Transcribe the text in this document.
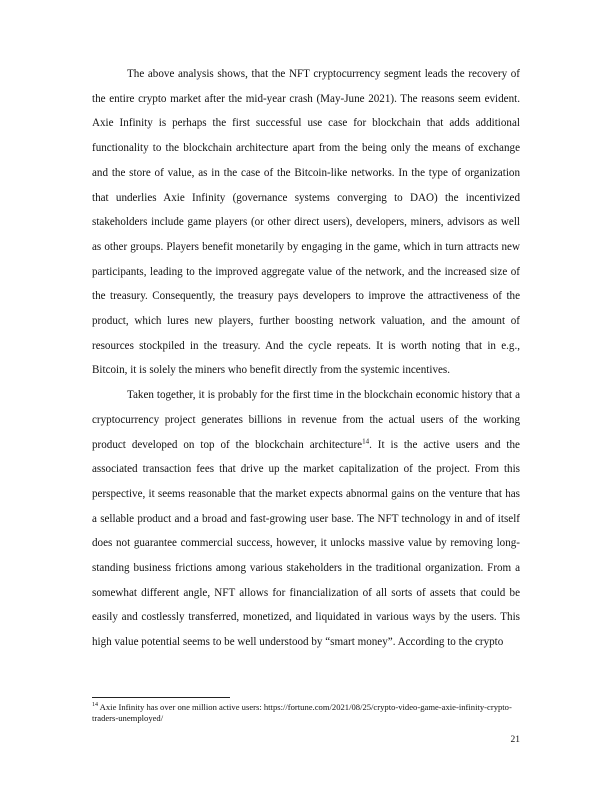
The above analysis shows, that the NFT cryptocurrency segment leads the recovery of the entire crypto market after the mid-year crash (May-June 2021). The reasons seem evident. Axie Infinity is perhaps the first successful use case for blockchain that adds additional functionality to the blockchain architecture apart from the being only the means of exchange and the store of value, as in the case of the Bitcoin-like networks. In the type of organization that underlies Axie Infinity (governance systems converging to DAO) the incentivized stakeholders include game players (or other direct users), developers, miners, advisors as well as other groups. Players benefit monetarily by engaging in the game, which in turn attracts new participants, leading to the improved aggregate value of the network, and the increased size of the treasury. Consequently, the treasury pays developers to improve the attractiveness of the product, which lures new players, further boosting network valuation, and the amount of resources stockpiled in the treasury. And the cycle repeats. It is worth noting that in e.g., Bitcoin, it is solely the miners who benefit directly from the systemic incentives.

Taken together, it is probably for the first time in the blockchain economic history that a cryptocurrency project generates billions in revenue from the actual users of the working product developed on top of the blockchain architecture$^{14}$. It is the active users and the associated transaction fees that drive up the market capitalization of the project. From this perspective, it seems reasonable that the market expects abnormal gains on the venture that has a sellable product and a broad and fast-growing user base. The NFT technology in and of itself does not guarantee commercial success, however, it unlocks massive value by removing long-standing business frictions among various stakeholders in the traditional organization. From a somewhat different angle, NFT allows for financialization of all sorts of assets that could be easily and costlessly transferred, monetized, and liquidated in various ways by the users. This high value potential seems to be well understood by “smart money”. According to the crypto

$^{14}$ Axie Infinity has over one million active users: https://fortune.com/2021/08/25/crypto-video-game-axie-infinity-crypto-traders-unemployed/

21
